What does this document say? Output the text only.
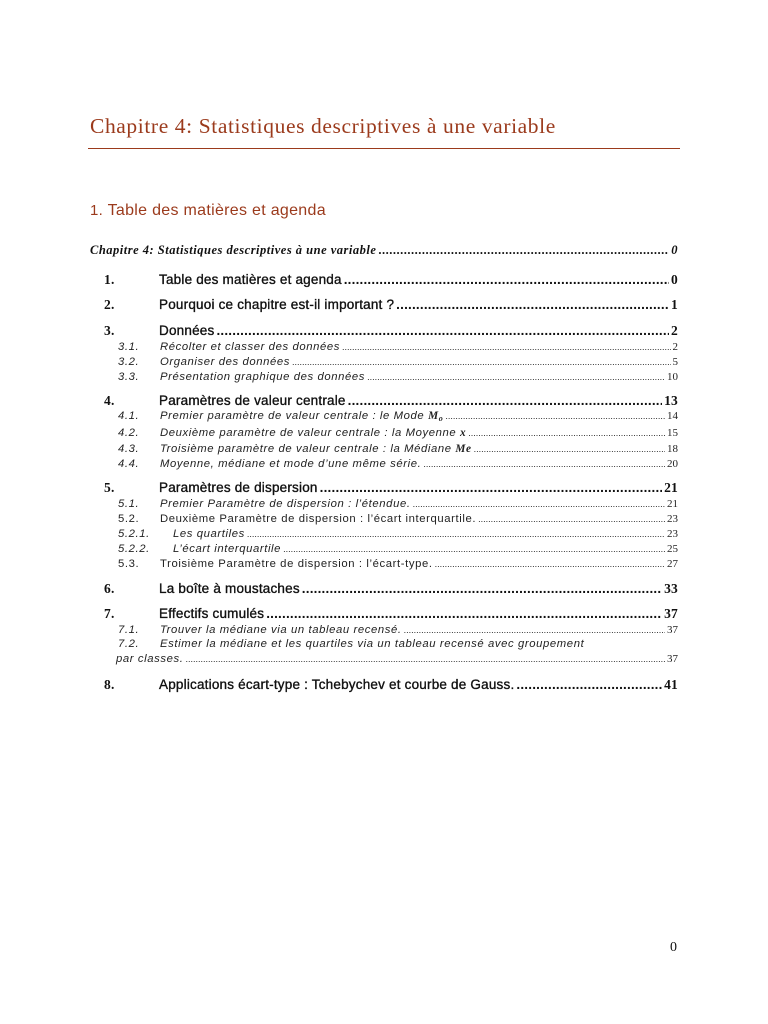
Chapitre 4: Statistiques descriptives à une variable
1. Table des matières et agenda
Chapitre 4: Statistiques descriptives à une variable .....	0
1.	Table des matières et agenda .....	0
2.	Pourquoi ce chapitre est-il important ? .....	1
3.	Données .....	2
3.1.	Récolter et classer des données .....	2
3.2.	Organiser des données .....	5
3.3.	Présentation graphique des données .....	10
4.	Paramètres de valeur centrale .....	13
4.1.	Premier paramètre de valeur centrale : le Mode $M_o$ .....	14
4.2.	Deuxième paramètre de valeur centrale : la Moyenne x .....	15
4.3.	Troisième paramètre de valeur centrale : la Médiane Me .....	18
4.4.	Moyenne, médiane et mode d’une même série. .....	20
5.	Paramètres de dispersion .....	21
5.1.	Premier Paramètre de dispersion : l’étendue. .....	21
5.2.	Deuxième Paramètre de dispersion : l’écart interquartile. .....	23
5.2.1.	Les quartiles .....	23
5.2.2.	L’écart interquartile .....	25
5.3.	Troisième Paramètre de dispersion : l’écart-type. .....	27
6.	La boîte à moustaches .....	33
7.	Effectifs cumulés .....	37
7.1.	Trouver la médiane via un tableau recensé. .....	37
7.2. Estimer la médiane et les quartiles via un tableau recensé avec groupement
par classes. .....	37
8.	Applications écart-type : Tchebychev et courbe de Gauss. .....	41
0
